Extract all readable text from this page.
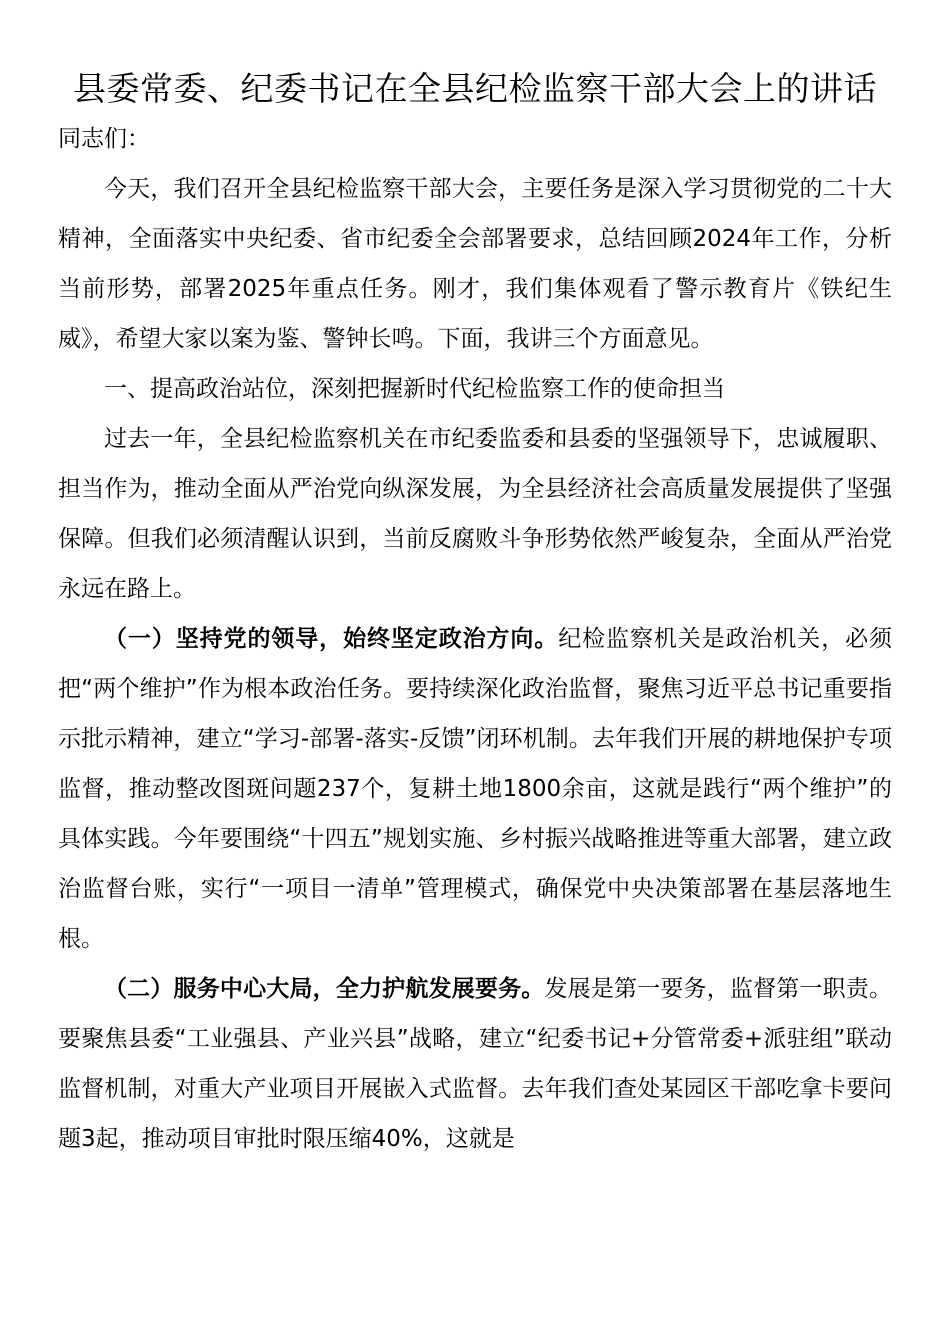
县委常委、纪委书记在全县纪检监察干部大会上的讲话

同志们：

今天，我们召开全县纪检监察干部大会，主要任务是深入学习贯彻党的二十大精神，全面落实中央纪委、省市纪委全会部署要求，总结回顾2024年工作，分析当前形势，部署2025年重点任务。刚才，我们集体观看了警示教育片《铁纪生威》，希望大家以案为鉴、警钟长鸣。下面，我讲三个方面意见。

一、提高政治站位，深刻把握新时代纪检监察工作的使命担当

过去一年，全县纪检监察机关在市纪委监委和县委的坚强领导下，忠诚履职、担当作为，推动全面从严治党向纵深发展，为全县经济社会高质量发展提供了坚强保障。但我们必须清醒认识到，当前反腐败斗争形势依然严峻复杂，全面从严治党永远在路上。

（一）坚持党的领导，始终坚定政治方向。纪检监察机关是政治机关，必须把“两个维护”作为根本政治任务。要持续深化政治监督，聚焦习近平总书记重要指示批示精神，建立“学习-部署-落实-反馈”闭环机制。去年我们开展的耕地保护专项监督，推动整改图斑问题237个，复耕土地1800余亩，这就是践行“两个维护”的具体实践。今年要围绕“十四五”规划实施、乡村振兴战略推进等重大部署，建立政治监督台账，实行“一项目一清单”管理模式，确保党中央决策部署在基层落地生根。

（二）服务中心大局，全力护航发展要务。发展是第一要务，监督第一职责。要聚焦县委“工业强县、产业兴县”战略，建立“纪委书记+分管常委+派驻组”联动监督机制，对重大产业项目开展嵌入式监督。去年我们查处某园区干部吃拿卡要问题3起，推动项目审批时限压缩40%，这就是
